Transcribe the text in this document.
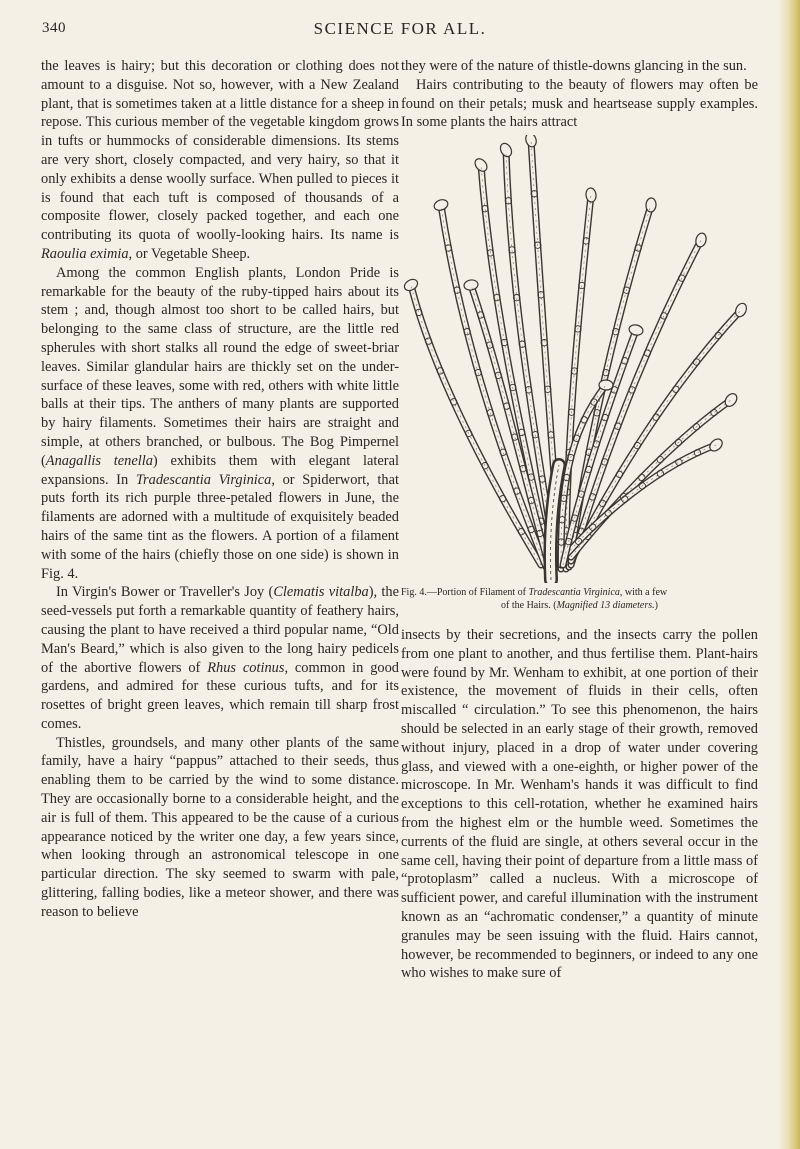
340	SCIENCE FOR ALL.

the leaves is hairy; but this decoration or clothing does not amount to a disguise. Not so, however, with a New Zealand plant, that is sometimes taken at a little distance for a sheep in repose. This curious member of the vegetable kingdom grows in tufts or hummocks of considerable dimensions. Its stems are very short, closely compacted, and very hairy, so that it only exhibits a dense woolly surface. When pulled to pieces it is found that each tuft is composed of thousands of a composite flower, closely packed together, and each one contributing its quota of woolly-looking hairs. Its name is Raoulia eximia, or Vegetable Sheep.

Among the common English plants, London Pride is remarkable for the beauty of the ruby-tipped hairs about its stem ; and, though almost too short to be called hairs, but belonging to the same class of structure, are the little red spherules with short stalks all round the edge of sweet-briar leaves. Similar glandular hairs are thickly set on the under-surface of these leaves, some with red, others with white little balls at their tips. The anthers of many plants are supported by hairy filaments. Sometimes their hairs are straight and simple, at others branched, or bulbous. The Bog Pimpernel (Anagallis tenella) exhibits them with elegant lateral expansions. In Tradescantia Virginica, or Spiderwort, that puts forth its rich purple three-petaled flowers in June, the filaments are adorned with a multitude of exquisitely beaded hairs of the same tint as the flowers. A portion of a filament with some of the hairs (chiefly those on one side) is shown in Fig. 4.

In Virgin's Bower or Traveller's Joy (Clematis vitalba), the seed-vessels put forth a remarkable quantity of feathery hairs, causing the plant to have received a third popular name, “Old Man's Beard,” which is also given to the long hairy pedicels of the abortive flowers of Rhus cotinus, common in good gardens, and admired for these curious tufts, and for its rosettes of bright green leaves, which remain till sharp frost comes.

Thistles, groundsels, and many other plants of the same family, have a hairy “pappus” attached to their seeds, thus enabling them to be carried by the wind to some distance. They are occasionally borne to a considerable height, and the air is full of them. This appeared to be the cause of a curious appearance noticed by the writer one day, a few years since, when looking through an astronomical telescope in one particular direction. The sky seemed to swarm with pale, glittering, falling bodies, like a meteor shower, and there was reason to believe

they were of the nature of thistle-downs glancing in the sun.

Hairs contributing to the beauty of flowers may often be found on their petals; musk and heartsease supply examples. In some plants the hairs attract

Fig. 4.—Portion of Filament of Tradescantia Virginica, with a few
of the Hairs. (Magnified 13 diameters.)

insects by their secretions, and the insects carry the pollen from one plant to another, and thus fertilise them. Plant-hairs were found by Mr. Wenham to exhibit, at one portion of their existence, the movement of fluids in their cells, often miscalled “ circulation.” To see this phenomenon, the hairs should be selected in an early stage of their growth, removed without injury, placed in a drop of water under covering glass, and viewed with a one-eighth, or higher power of the microscope. In Mr. Wenham's hands it was difficult to find exceptions to this cell-rotation, whether he examined hairs from the highest elm or the humble weed. Sometimes the currents of the fluid are single, at others several occur in the same cell, having their point of departure from a little mass of “protoplasm” called a nucleus. With a microscope of sufficient power, and careful illumination with the instrument known as an “achromatic condenser,” a quantity of minute granules may be seen issuing with the fluid. Hairs cannot, however, be recommended to beginners, or indeed to any one who wishes to make sure of
